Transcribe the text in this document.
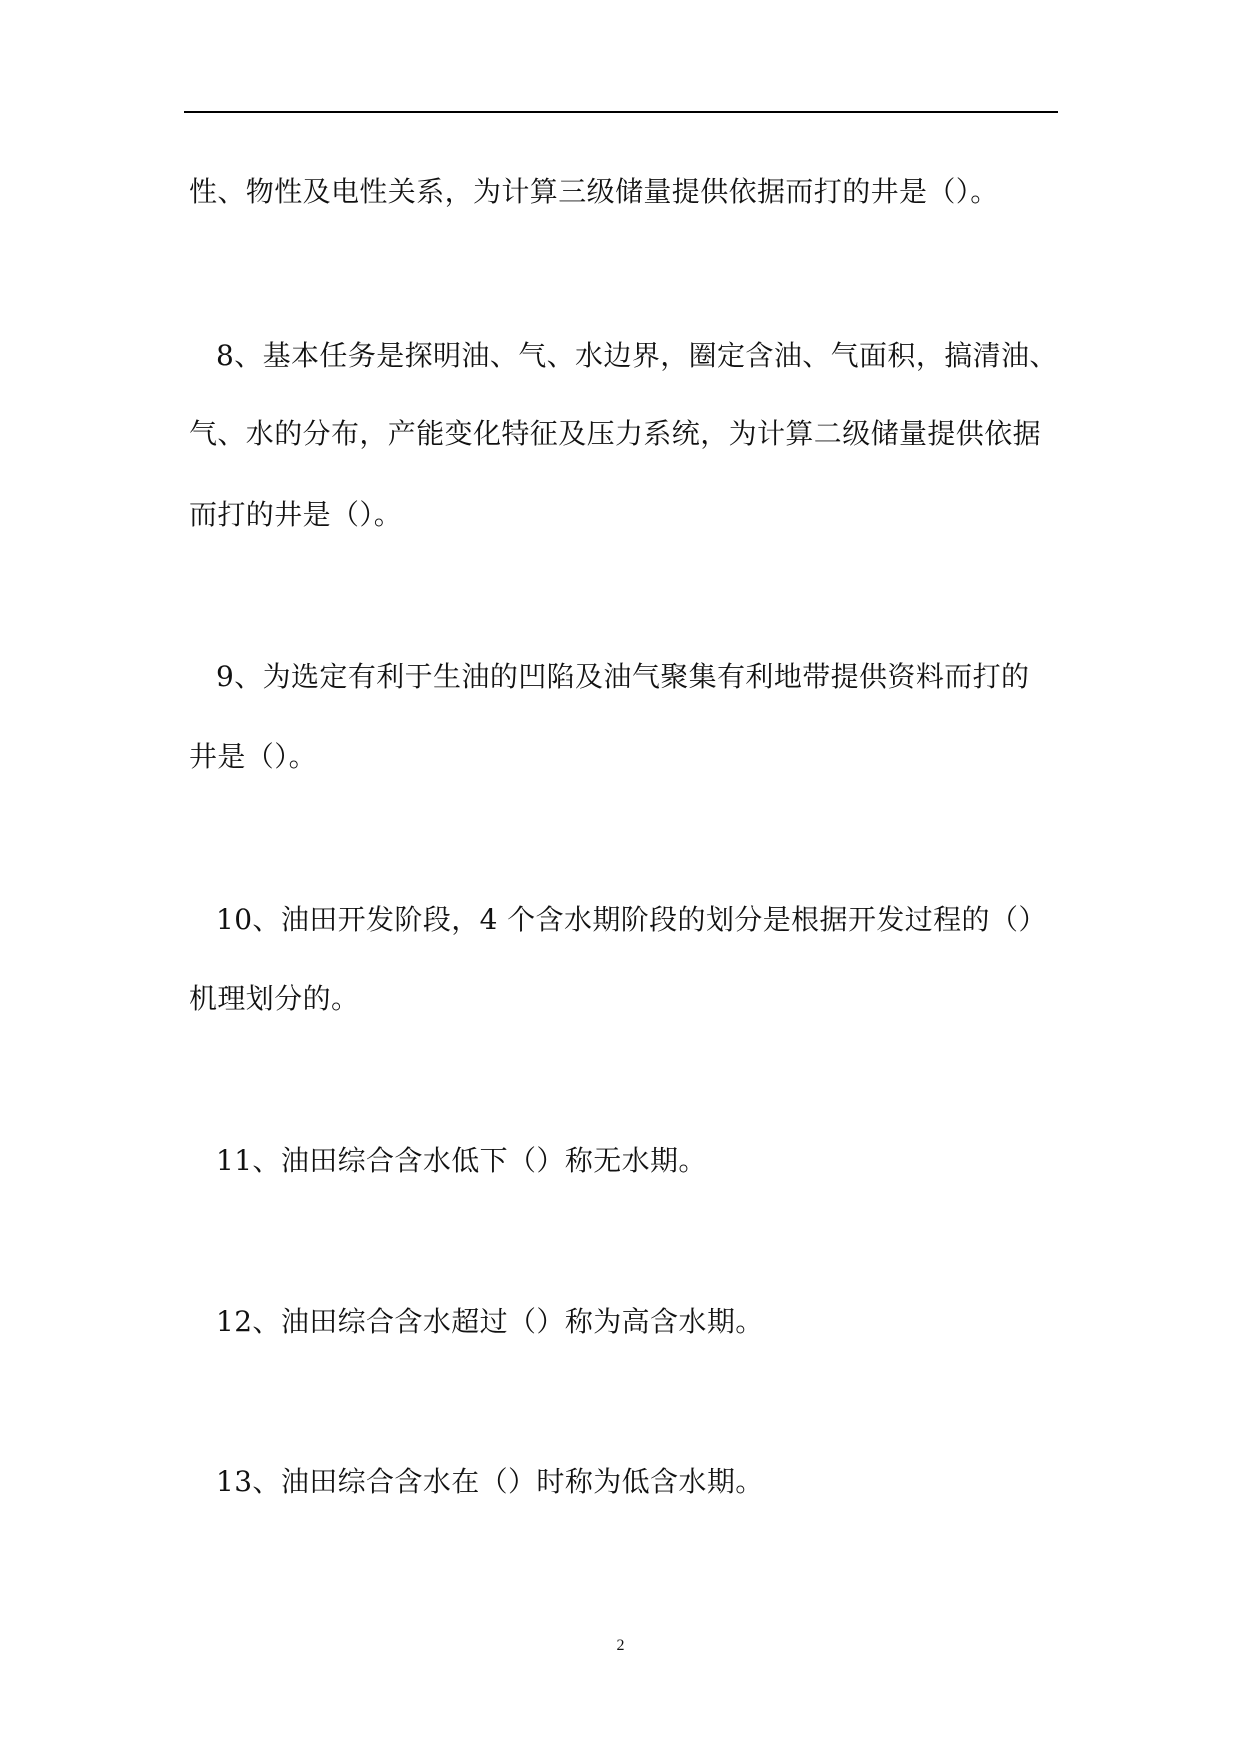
性、物性及电性关系，为计算三级储量提供依据而打的井是（）。
8、基本任务是探明油、气、水边界，圈定含油、气面积，搞清油、
气、水的分布，产能变化特征及压力系统，为计算二级储量提供依据
而打的井是（）。
9、为选定有利于生油的凹陷及油气聚集有利地带提供资料而打的
井是（）。
10、油田开发阶段，4 个含水期阶段的划分是根据开发过程的（）
机理划分的。
11、油田综合含水低下（）称无水期。
12、油田综合含水超过（）称为高含水期。
13、油田综合含水在（）时称为低含水期。
2
